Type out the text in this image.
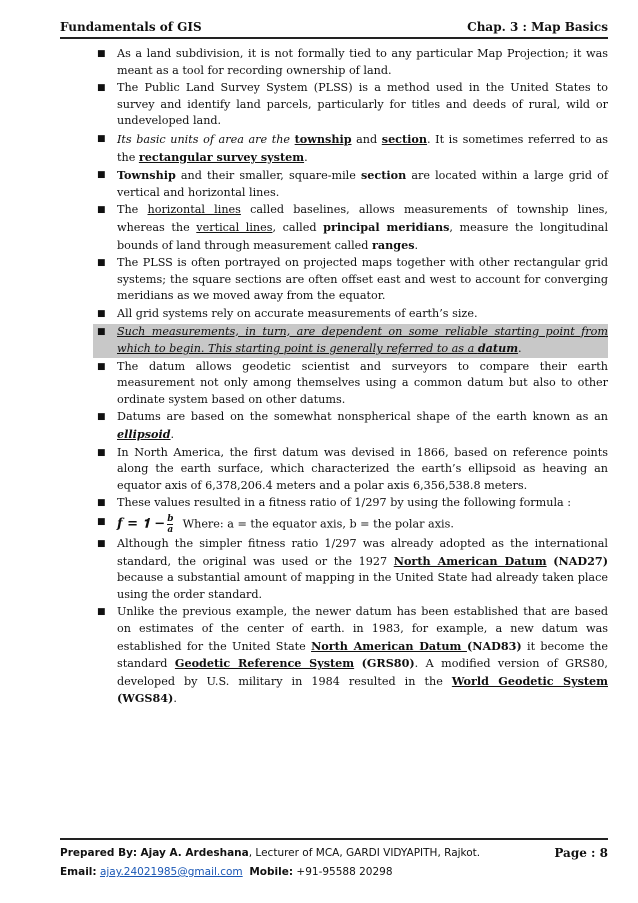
Fundamentals of GIS	Chap. 3 : Map Basics
■ As a land subdivision, it is not formally tied to any particular Map Projection; it was meant as a tool for recording ownership of land.
■ The Public Land Survey System (PLSS) is a method used in the United States to survey and identify land parcels, particularly for titles and deeds of rural, wild or undeveloped land.
■ Its basic units of area are the township and section. It is sometimes referred to as the rectangular survey system.
■ Township and their smaller, square-mile section are located within a large grid of vertical and horizontal lines.
■ The horizontal lines called baselines, allows measurements of township lines, whereas the vertical lines, called principal meridians, measure the longitudinal bounds of land through measurement called ranges.
■ The PLSS is often portrayed on projected maps together with other rectangular grid systems; the square sections are often offset east and west to account for converging meridians as we moved away from the equator.
■ All grid systems rely on accurate measurements of earth’s size.
■ Such measurements, in turn, are dependent on some reliable starting point from which to begin. This starting point is generally referred to as a datum.
■ The datum allows geodetic scientist and surveyors to compare their earth measurement not only among themselves using a common datum but also to other ordinate system based on other datums.
■ Datums are based on the somewhat nonspherical shape of the earth known as an ellipsoid.
■ In North America, the first datum was devised in 1866, based on reference points along the earth surface, which characterized the earth’s ellipsoid as heaving an equator axis of 6,378,206.4 meters and a polar axis 6,356,538.8 meters.
■ These values resulted in a fitness ratio of 1/297 by using the following formula :
■ 𝒇 = 𝟏 − $\frac{b}{a}$ Where: a = the equator axis, b = the polar axis.
■ Although the simpler fitness ratio 1/297 was already adopted as the international standard, the original was used or the 1927 North American Datum (NAD27) because a substantial amount of mapping in the United State had already taken place using the order standard.
■ Unlike the previous example, the newer datum has been established that are based on estimates of the center of earth. in 1983, for example, a new datum was established for the United State North American Datum (NAD83) it become the standard Geodetic Reference System (GRS80). A modified version of GRS80, developed by U.S. military in 1984 resulted in the World Geodetic System (WGS84).
Prepared By: Ajay A. Ardeshana, Lecturer of MCA, GARDI VIDYAPITH, Rajkot.	Page : 8
Email: ajay.24021985@gmail.com Mobile: +91-95588 20298
